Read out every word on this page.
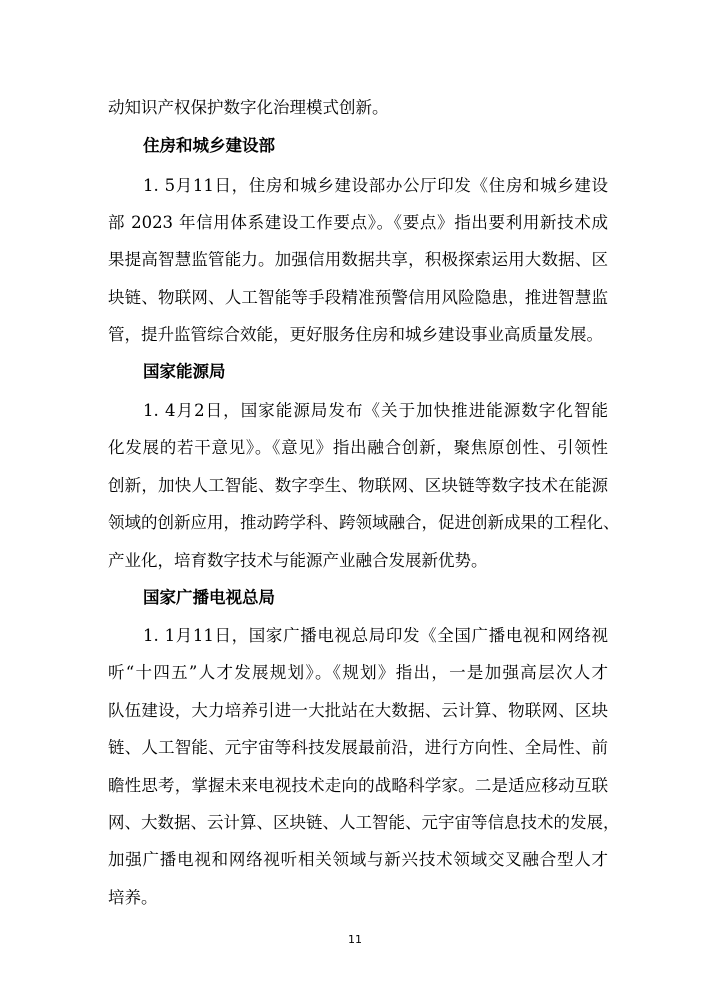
动知识产权保护数字化治理模式创新。
住房和城乡建设部
1. 5月11日，住房和城乡建设部办公厅印发《住房和城乡建设
部 2023 年信用体系建设工作要点》。《要点》指出要利用新技术成
果提高智慧监管能力。加强信用数据共享，积极探索运用大数据、区
块链、物联网、人工智能等手段精准预警信用风险隐患，推进智慧监
管，提升监管综合效能，更好服务住房和城乡建设事业高质量发展。
国家能源局
1. 4月2日，国家能源局发布《关于加快推进能源数字化智能
化发展的若干意见》。《意见》指出融合创新，聚焦原创性、引领性
创新，加快人工智能、数字孪生、物联网、区块链等数字技术在能源
领域的创新应用，推动跨学科、跨领域融合，促进创新成果的工程化、
产业化，培育数字技术与能源产业融合发展新优势。
国家广播电视总局
1. 1月11日，国家广播电视总局印发《全国广播电视和网络视
听“十四五”人才发展规划》。《规划》指出，一是加强高层次人才
队伍建设，大力培养引进一大批站在大数据、云计算、物联网、区块
链、人工智能、元宇宙等科技发展最前沿，进行方向性、全局性、前
瞻性思考，掌握未来电视技术走向的战略科学家。二是适应移动互联
网、大数据、云计算、区块链、人工智能、元宇宙等信息技术的发展，
加强广播电视和网络视听相关领域与新兴技术领域交叉融合型人才
培养。
11
